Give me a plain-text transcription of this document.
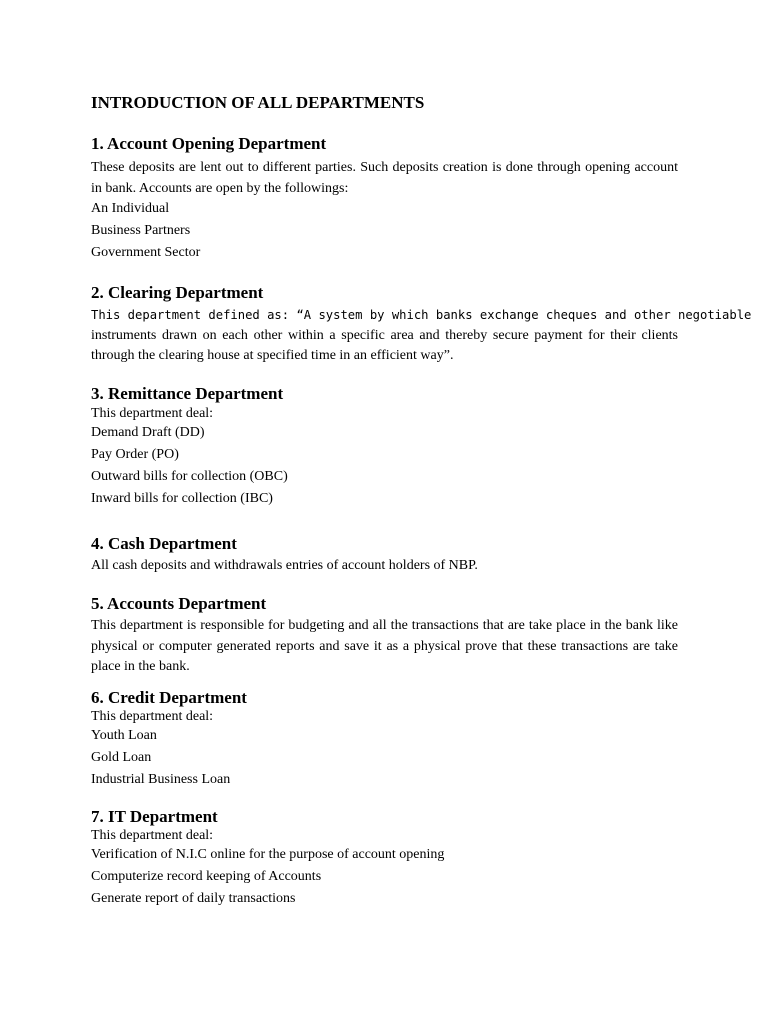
INTRODUCTION OF ALL DEPARTMENTS
1. Account Opening Department

These deposits are lent out to different parties. Such deposits creation is done through opening account in bank. Accounts are open by the followings:

An Individual
Business Partners
Government Sector
2. Clearing Department

This department defined as: “A system by which banks exchange cheques and other negotiable

instruments drawn on each other within a specific area and thereby secure payment for their clients through the clearing house at specified time in an efficient way”.

3. Remittance Department
This department deal:
Demand Draft (DD)
Pay Order (PO)
Outward bills for collection (OBC)
Inward bills for collection (IBC)
4. Cash Department

All cash deposits and withdrawals entries of account holders of NBP.

5. Accounts Department

This department is responsible for budgeting and all the transactions that are take place in the bank like physical or computer generated reports and save it as a physical prove that these transactions are take place in the bank.

6. Credit Department
This department deal:
Youth Loan
Gold Loan
Industrial Business Loan
7. IT Department
This department deal:
Verification of N.I.C online for the purpose of account opening
Computerize record keeping of Accounts
Generate report of daily transactions
